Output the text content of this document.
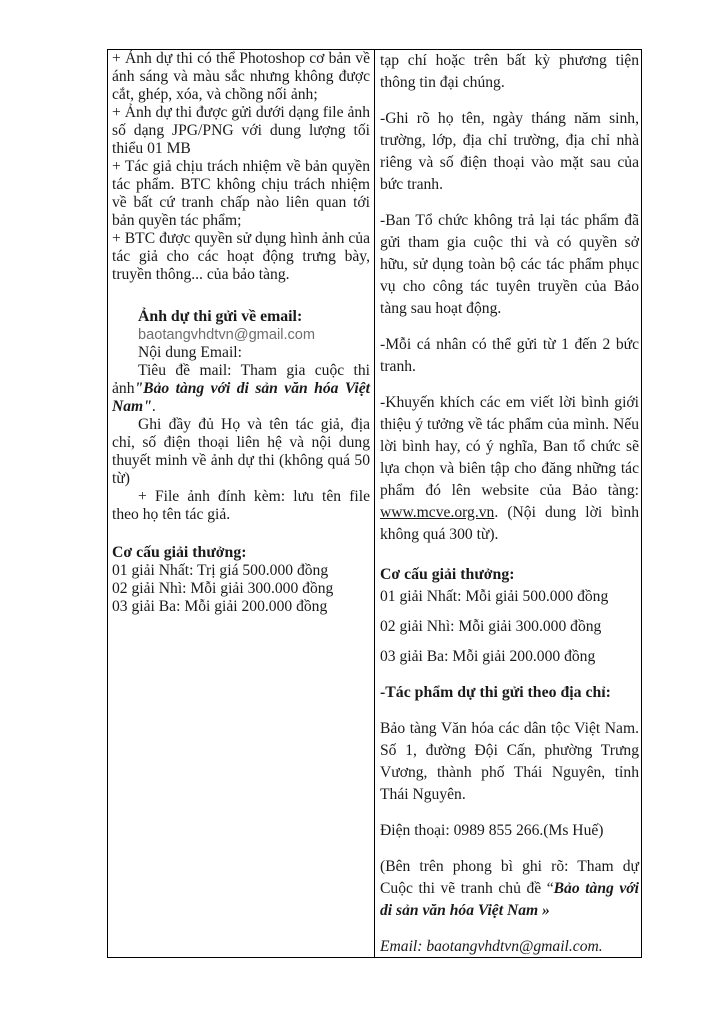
+ Ảnh dự thi có thể Photoshop cơ bản về ánh sáng và màu sắc nhưng không được cắt, ghép, xóa, và chồng nối ảnh;

+ Ảnh dự thi được gửi dưới dạng file ảnh số dạng JPG/PNG với dung lượng tối thiểu 01 MB

+ Tác giả chịu trách nhiệm về bản quyền tác phẩm. BTC không chịu trách nhiệm về bất cứ tranh chấp nào liên quan tới bản quyền tác phẩm;

+ BTC được quyền sử dụng hình ảnh của tác giả cho các hoạt động trưng bày, truyền thông... của bảo tàng.

Ảnh dự thi gửi về email:

baotangvhdtvn@gmail.com

Nội dung Email:

Tiêu đề mail: Tham gia cuộc thi ảnh"Bảo tàng với di sản văn hóa Việt Nam".

Ghi đầy đủ Họ và tên tác giả, địa chỉ, số điện thoại liên hệ và nội dung thuyết minh về ảnh dự thi (không quá 50 từ)

+ File ảnh đính kèm: lưu tên file theo họ tên tác giả.

Cơ cấu giải thưởng:

01 giải Nhất: Trị giá 500.000 đồng

02 giải Nhì: Mỗi giải 300.000 đồng

03 giải Ba: Mỗi giải 200.000 đồng

tạp chí hoặc trên bất kỳ phương tiện thông tin đại chúng.

-Ghi rõ họ tên, ngày tháng năm sinh, trường, lớp, địa chỉ trường, địa chỉ nhà riêng và số điện thoại vào mặt sau của bức tranh.

-Ban Tổ chức không trả lại tác phẩm đã gửi tham gia cuộc thi và có quyền sở hữu, sử dụng toàn bộ các tác phẩm phục vụ cho công tác tuyên truyền của Bảo tàng sau hoạt động.

-Mỗi cá nhân có thể gửi từ 1 đến 2 bức tranh.

-Khuyến khích các em viết lời bình giới thiệu ý tưởng về tác phẩm của mình. Nếu lời bình hay, có ý nghĩa, Ban tổ chức sẽ lựa chọn và biên tập cho đăng những tác phẩm đó lên website của Bảo tàng: www.mcve.org.vn. (Nội dung lời bình không quá 300 từ).

Cơ cấu giải thưởng:

01 giải Nhất: Mỗi giải 500.000 đồng

02 giải Nhì: Mỗi giải 300.000 đồng

03 giải Ba: Mỗi giải 200.000 đồng

-Tác phẩm dự thi gửi theo địa chỉ:

Bảo tàng Văn hóa các dân tộc Việt Nam. Số 1, đường Đội Cấn, phường Trưng Vương, thành phố Thái Nguyên, tỉnh Thái Nguyên.

Điện thoại: 0989 855 266.(Ms Huế)

(Bên trên phong bì ghi rõ: Tham dự Cuộc thi vẽ tranh chủ đề “Bảo tàng với di sản văn hóa Việt Nam »

Email: baotangvhdtvn@gmail.com.
